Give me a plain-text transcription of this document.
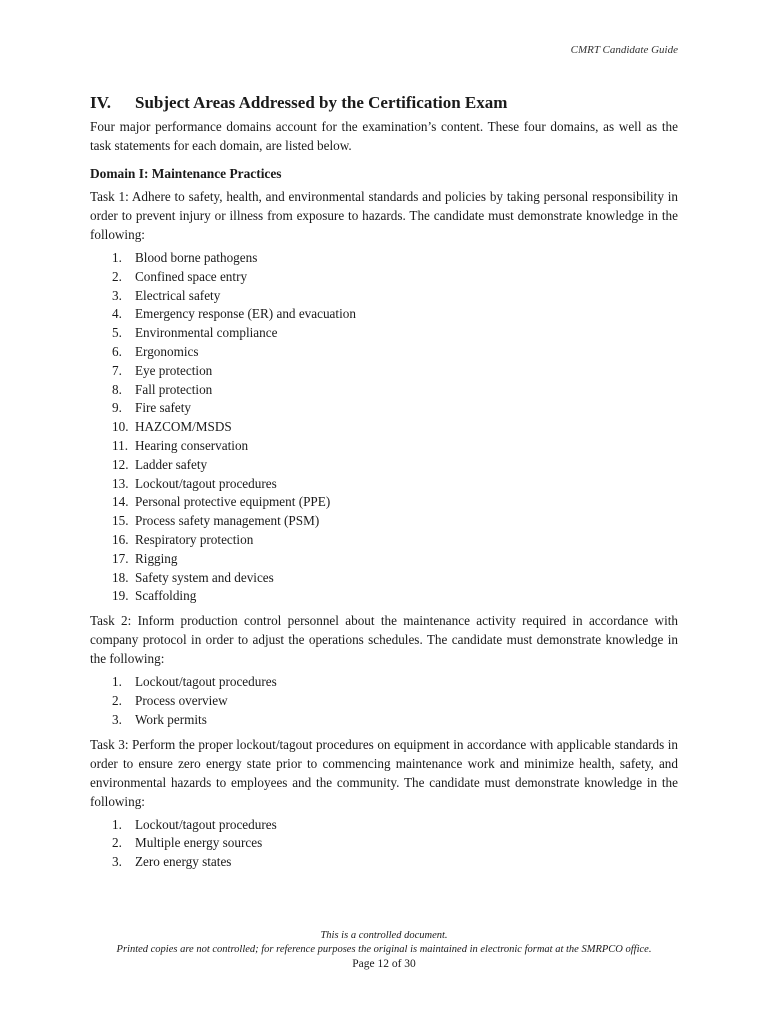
CMRT Candidate Guide
IV.	Subject Areas Addressed by the Certification Exam

Four major performance domains account for the examination’s content. These four domains, as well as the task statements for each domain, are listed below.

Domain I: Maintenance Practices

Task 1: Adhere to safety, health, and environmental standards and policies by taking personal responsibility in order to prevent injury or illness from exposure to hazards. The candidate must demonstrate knowledge in the following:

1. Blood borne pathogens
2. Confined space entry
3. Electrical safety
4. Emergency response (ER) and evacuation
5. Environmental compliance
6. Ergonomics
7. Eye protection
8. Fall protection
9. Fire safety
10. HAZCOM/MSDS
11. Hearing conservation
12. Ladder safety
13. Lockout/tagout procedures
14. Personal protective equipment (PPE)
15. Process safety management (PSM)
16. Respiratory protection
17. Rigging
18. Safety system and devices
19. Scaffolding

Task 2: Inform production control personnel about the maintenance activity required in accordance with company protocol in order to adjust the operations schedules. The candidate must demonstrate knowledge in the following:

1. Lockout/tagout procedures
2. Process overview
3. Work permits

Task 3: Perform the proper lockout/tagout procedures on equipment in accordance with applicable standards in order to ensure zero energy state prior to commencing maintenance work and minimize health, safety, and environmental hazards to employees and the community. The candidate must demonstrate knowledge in the following:

1. Lockout/tagout procedures
2. Multiple energy sources
3. Zero energy states
This is a controlled document.
Printed copies are not controlled; for reference purposes the original is maintained in electronic format at the SMRPCO office.
Page 12 of 30
